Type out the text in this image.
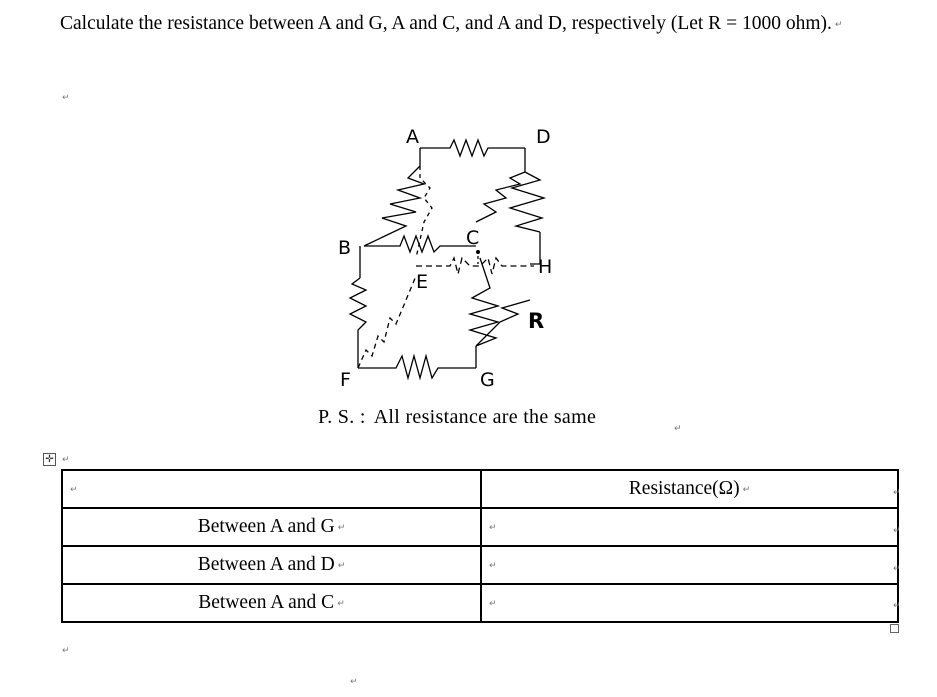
Calculate the resistance between A and G, A and C, and A and D, respectively (Let R = 1000 ohm). ↵
↵
A	D
B	C
E
H
F	G
R
P. S. : All resistance are the same
↵
✛ ↵
↵	Resistance(Ω) ↵
Between A and G ↵	↵
Between A and D ↵	↵
Between A and C ↵	↵
↵
↵
↵
↵
↵
↵
